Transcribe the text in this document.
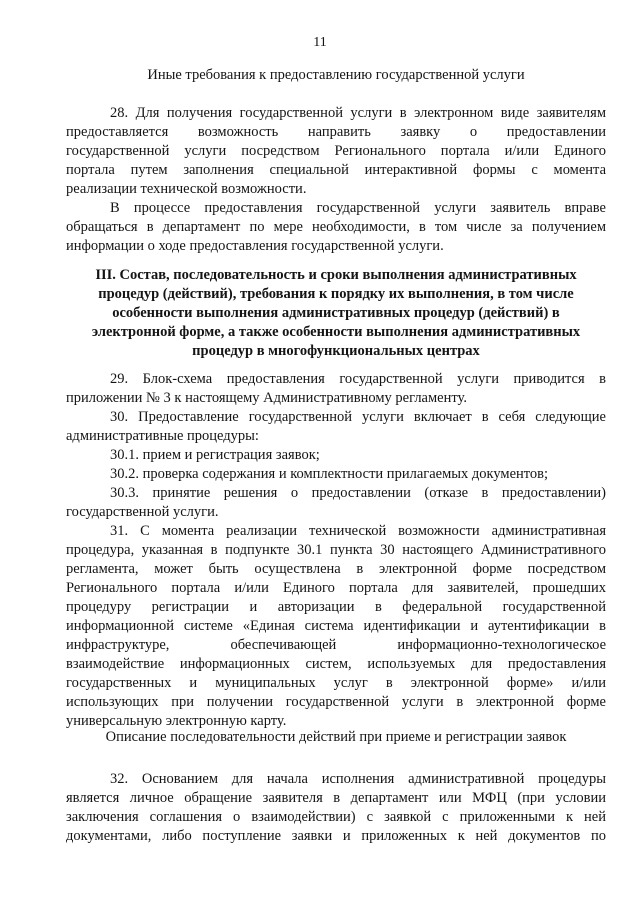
11
Иные требования к предоставлению государственной услуги
28. Для получения государственной услуги в электронном виде заявителям
предоставляется возможность направить заявку о предоставлении
государственной услуги посредством Регионального портала и/или Единого
портала путем заполнения специальной интерактивной формы с момента
реализации технической возможности.
В процессе предоставления государственной услуги заявитель вправе
обращаться в департамент по мере необходимости, в том числе за получением
информации о ходе предоставления государственной услуги.
III. Состав, последовательность и сроки выполнения административных
процедур (действий), требования к порядку их выполнения, в том числе
особенности выполнения административных процедур (действий) в
электронной форме, а также особенности выполнения административных
процедур в многофункциональных центрах
29. Блок-схема предоставления государственной услуги приводится в
приложении № 3 к настоящему Административному регламенту.
30. Предоставление государственной услуги включает в себя следующие
административные процедуры:
30.1. прием и регистрация заявок;
30.2. проверка содержания и комплектности прилагаемых документов;
30.3. принятие решения о предоставлении (отказе в предоставлении)
государственной услуги.
31. С момента реализации технической возможности административная
процедура, указанная в подпункте 30.1 пункта 30 настоящего Административного
регламента, может быть осуществлена в электронной форме посредством
Регионального портала и/или Единого портала для заявителей, прошедших
процедуру регистрации и авторизации в федеральной государственной
информационной системе «Единая система идентификации и аутентификации в
инфраструктуре, обеспечивающей информационно-технологическое
взаимодействие информационных систем, используемых для предоставления
государственных и муниципальных услуг в электронной форме» и/или
использующих при получении государственной услуги в электронной форме
универсальную электронную карту.
Описание последовательности действий при приеме и регистрации заявок
32. Основанием для начала исполнения административной процедуры
является личное обращение заявителя в департамент или МФЦ (при условии
заключения соглашения о взаимодействии) с заявкой с приложенными к ней
документами, либо поступление заявки и приложенных к ней документов по
